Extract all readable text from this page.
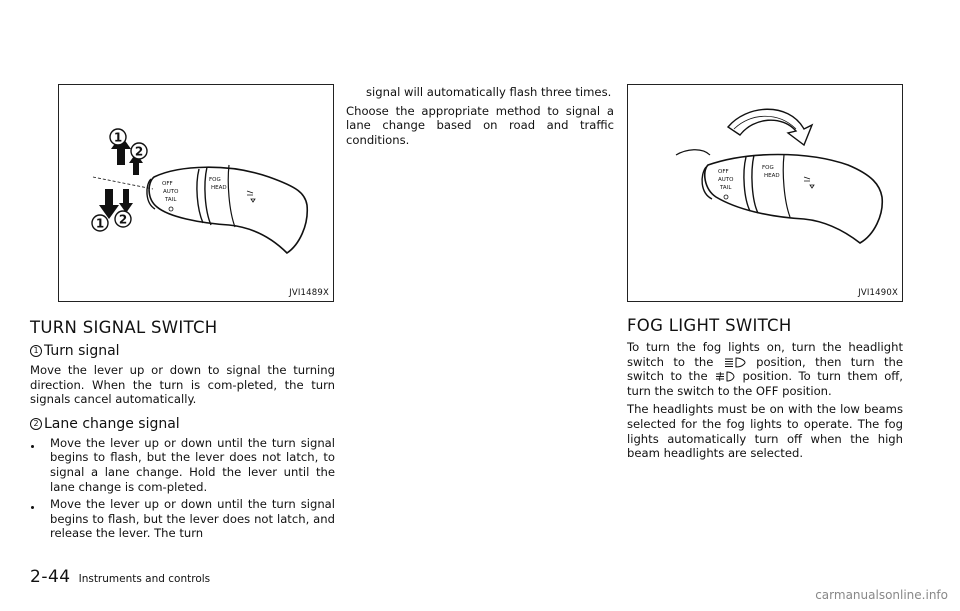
OFF
AUTO
TAIL
FOG
HEAD
1
2
1 2
JVI1489X
OFF
AUTO
TAIL
FOG
HEAD
JVI1490X
TURN SIGNAL SWITCH
1 Turn signal

Move the lever up or down to signal the turning direction. When the turn is com-pleted, the turn signals cancel automatically.

2 Lane change signal
Move the lever up or down until the turn signal begins to flash, but the lever does not latch, to signal a lane change. Hold the lever until the lane change is com-pleted.
Move the lever up or down until the turn signal begins to flash, but the lever does not latch, and release the lever. The turn

signal will automatically flash three times.

Choose the appropriate method to signal a lane change based on road and traffic conditions.

FOG LIGHT SWITCH

To turn the fog lights on, turn the headlight switch to the	position, then turn the switch to the	position. To turn them off, turn the switch to the OFF position.

The headlights must be on with the low beams selected for the fog lights to operate. The fog lights automatically turn off when the high beam headlights are selected.

2-44 Instruments and controls
carmanualsonline.info
